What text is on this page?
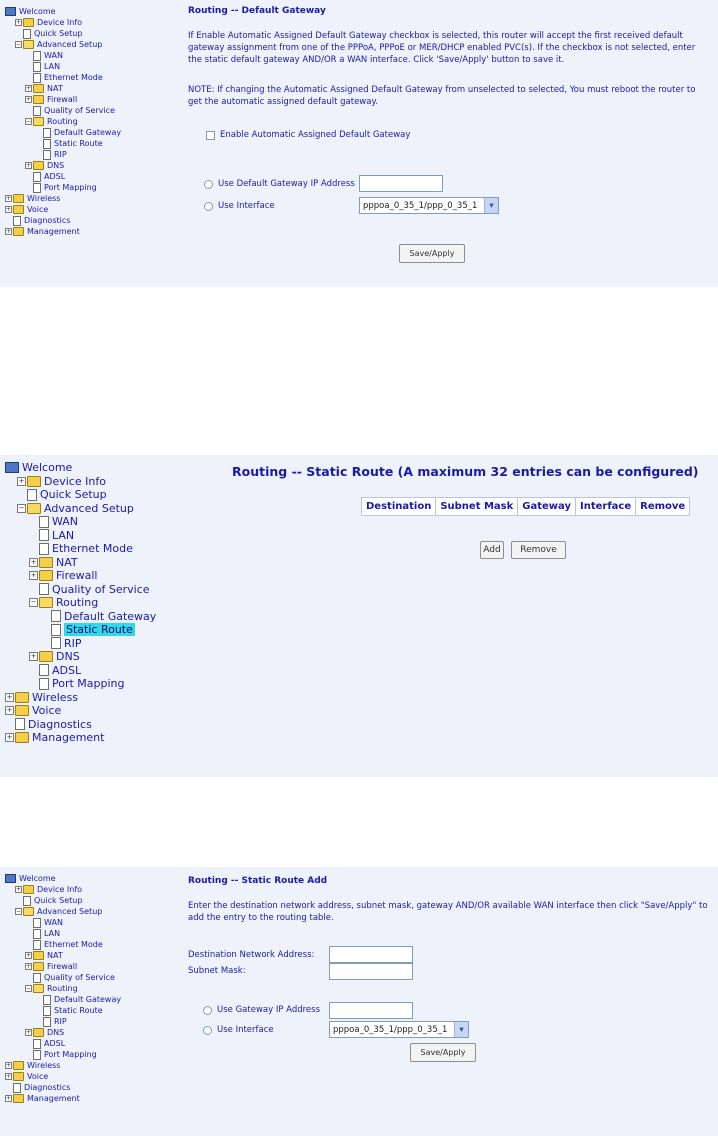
Welcome
+ Device Info
Quick Setup
− Advanced Setup
WAN
LAN
Ethernet Mode
+ NAT
+ Firewall
Quality of Service
− Routing
Default Gateway
Static Route
RIP
+ DNS
ADSL
Port Mapping
+ Wireless
+ Voice
Diagnostics
+ Management
Routing -- Default Gateway
If Enable Automatic Assigned Default Gateway checkbox is selected, this router will accept the first received default gateway assignment from one of the PPPoA, PPPoE or MER/DHCP enabled PVC(s). If the checkbox is not selected, enter the static default gateway AND/OR a WAN interface. Click 'Save/Apply' button to save it.
NOTE: If changing the Automatic Assigned Default Gateway from unselected to selected, You must reboot the router to get the automatic assigned default gateway.
Enable Automatic Assigned Default Gateway
Use Default Gateway IP Address
Use Interface	pppoa_0_35_1/ppp_0_35_1	▾
Save/Apply
Welcome
+ Device Info
Quick Setup
− Advanced Setup
WAN
LAN
Ethernet Mode
+ NAT
+ Firewall
Quality of Service
− Routing
Default Gateway
Static Route
RIP
+ DNS
ADSL
Port Mapping
+ Wireless
+ Voice
Diagnostics
+ Management
Routing -- Static Route (A maximum 32 entries can be configured)
Destination	Subnet Mask	Gateway	Interface	Remove
Add	Remove
Welcome
+ Device Info
Quick Setup
− Advanced Setup
WAN
LAN
Ethernet Mode
+ NAT
+ Firewall
Quality of Service
− Routing
Default Gateway
Static Route
RIP
+ DNS
ADSL
Port Mapping
+ Wireless
+ Voice
Diagnostics
+ Management
Routing -- Static Route Add
Enter the destination network address, subnet mask, gateway AND/OR available WAN interface then click "Save/Apply" to add the entry to the routing table.
Destination Network Address:
Subnet Mask:
Use Gateway IP Address
Use Interface	pppoa_0_35_1/ppp_0_35_1	▾
Save/Apply
